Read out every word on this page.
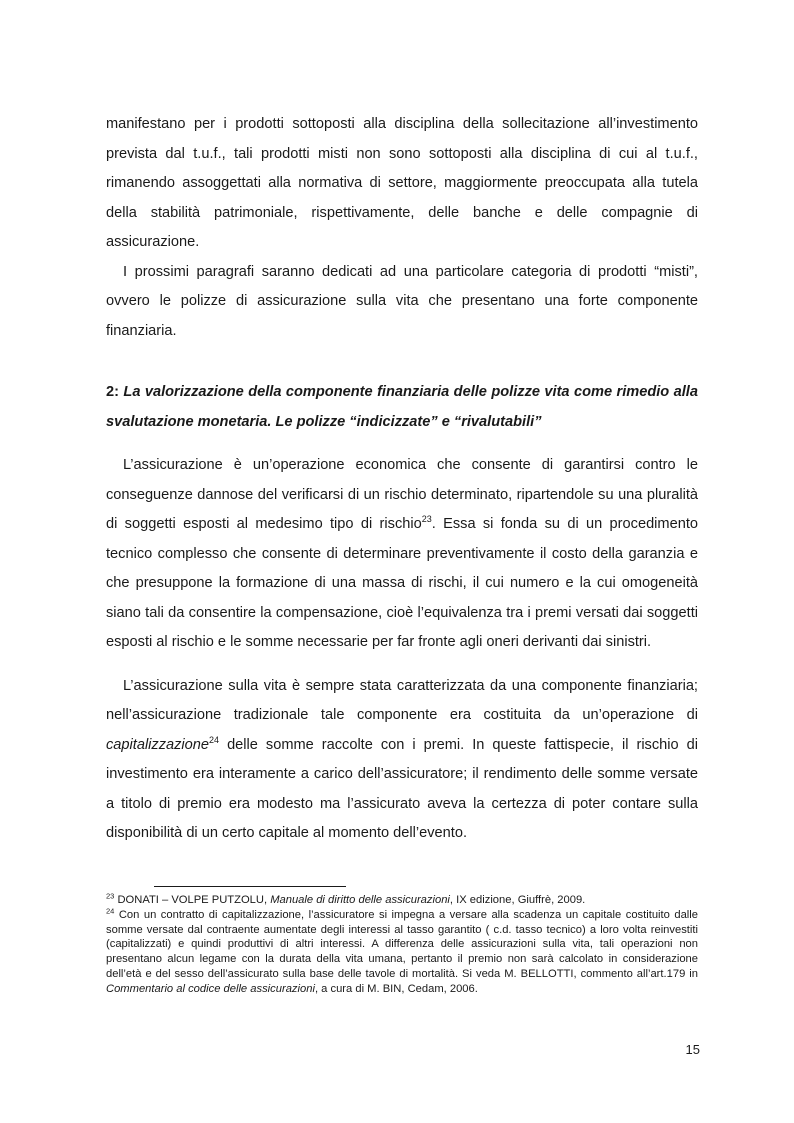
manifestano per i prodotti sottoposti alla disciplina della sollecitazione all’investimento prevista dal t.u.f., tali prodotti misti non sono sottoposti alla disciplina di cui al t.u.f., rimanendo assoggettati alla normativa di settore, maggiormente preoccupata alla tutela della stabilità patrimoniale, rispettivamente, delle banche e delle compagnie di assicurazione.

I prossimi paragrafi saranno dedicati ad una particolare categoria di prodotti “misti”, ovvero le polizze di assicurazione sulla vita che presentano una forte componente finanziaria.

2: La valorizzazione della componente finanziaria delle polizze vita come rimedio alla svalutazione monetaria. Le polizze “indicizzate” e “rivalutabili”

L’assicurazione è un’operazione economica che consente di garantirsi contro le conseguenze dannose del verificarsi di un rischio determinato, ripartendole su una pluralità di soggetti esposti al medesimo tipo di rischio$^{23}$. Essa si fonda su di un procedimento tecnico complesso che consente di determinare preventivamente il costo della garanzia e che presuppone la formazione di una massa di rischi, il cui numero e la cui omogeneità siano tali da consentire la compensazione, cioè l’equivalenza tra i premi versati dai soggetti esposti al rischio e le somme necessarie per far fronte agli oneri derivanti dai sinistri.

L’assicurazione sulla vita è sempre stata caratterizzata da una componente finanziaria; nell’assicurazione tradizionale tale componente era costituita da un’operazione di capitalizzazione$^{24}$ delle somme raccolte con i premi. In queste fattispecie, il rischio di investimento era interamente a carico dell’assicuratore; il rendimento delle somme versate a titolo di premio era modesto ma l’assicurato aveva la certezza di poter contare sulla disponibilità di un certo capitale al momento dell’evento.

$^{23}$ DONATI – VOLPE PUTZOLU, Manuale di diritto delle assicurazioni, IX edizione, Giuffrè, 2009.

$^{24}$ Con un contratto di capitalizzazione, l’assicuratore si impegna a versare alla scadenza un capitale costituito dalle somme versate dal contraente aumentate degli interessi al tasso garantito ( c.d. tasso tecnico) a loro volta reinvestiti (capitalizzati) e quindi produttivi di altri interessi. A differenza delle assicurazioni sulla vita, tali operazioni non presentano alcun legame con la durata della vita umana, pertanto il premio non sarà calcolato in considerazione dell’età e del sesso dell’assicurato sulla base delle tavole di mortalità. Si veda M. BELLOTTI, commento all’art.179 in Commentario al codice delle assicurazioni, a cura di M. BIN, Cedam, 2006.

15
